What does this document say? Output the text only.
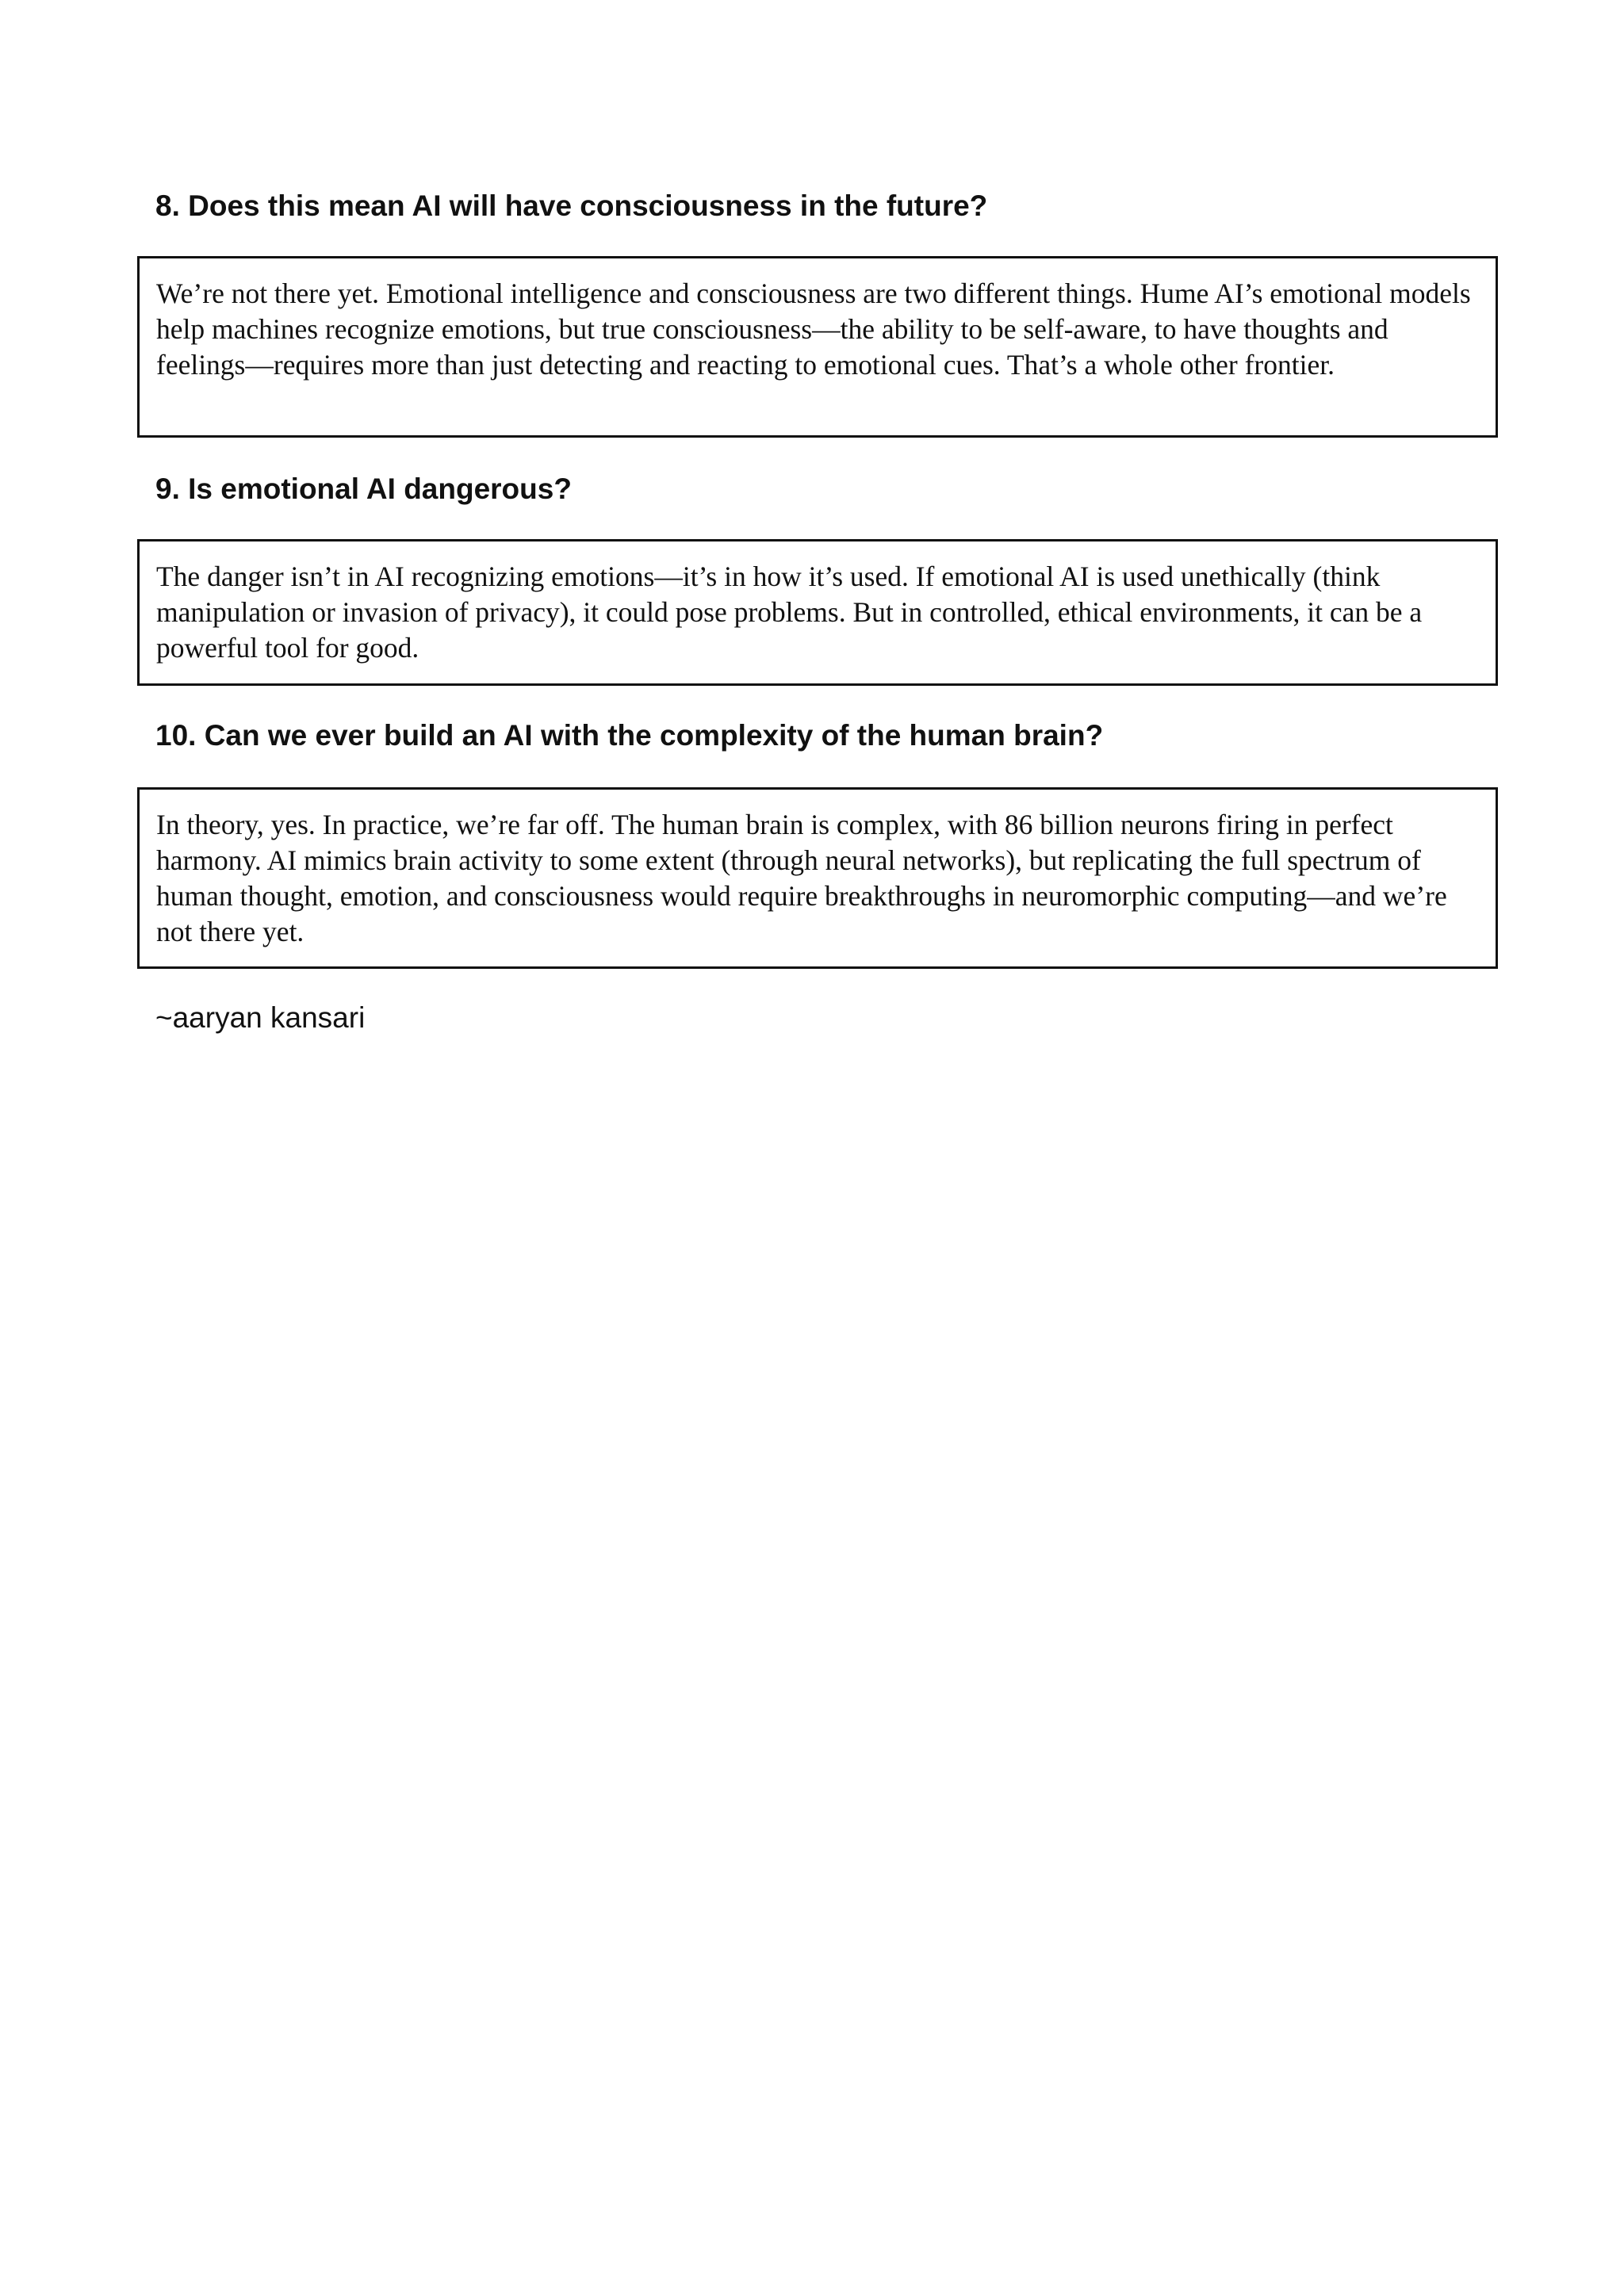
8. Does this mean AI will have consciousness in the future?

We’re not there yet. Emotional intelligence and consciousness are two different things. Hume AI’s emotional models help machines recognize emotions, but true consciousness—the ability to be self-aware, to have thoughts and feelings—requires more than just detecting and reacting to emotional cues. That’s a whole other frontier.

9. Is emotional AI dangerous?

The danger isn’t in AI recognizing emotions—it’s in how it’s used. If emotional AI is used unethically (think manipulation or invasion of privacy), it could pose problems. But in controlled, ethical environments, it can be a powerful tool for good.

10. Can we ever build an AI with the complexity of the human brain?

In theory, yes. In practice, we’re far off. The human brain is complex, with 86 billion neurons firing in perfect harmony. AI mimics brain activity to some extent (through neural networks), but replicating the full spectrum of human thought, emotion, and consciousness would require breakthroughs in neuromorphic computing—and we’re not there yet.

~aaryan kansari
